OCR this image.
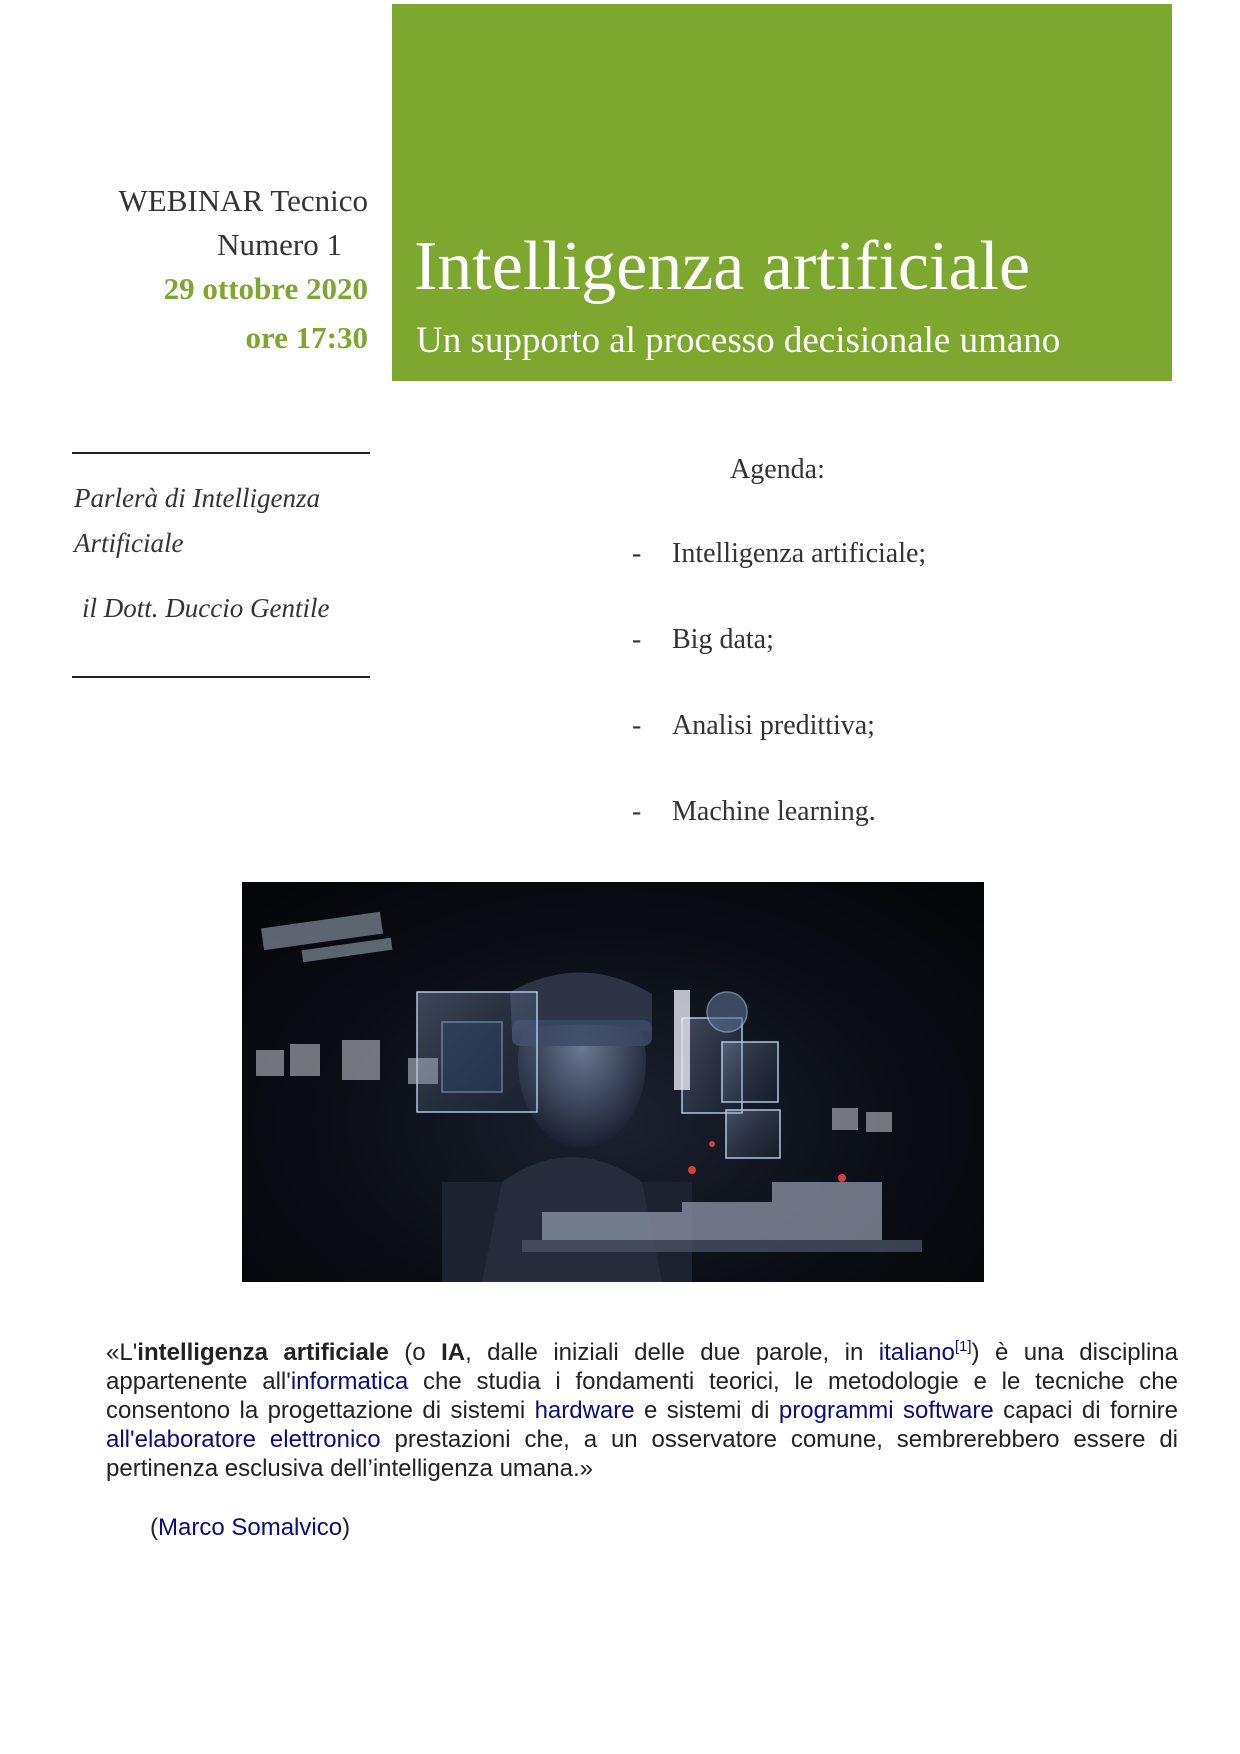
Intelligenza artificiale
Un supporto al processo decisionale umano
WEBINAR Tecnico
Numero 1
29 ottobre 2020
ore 17:30
Parlerà di Intelligenza Artificiale
il Dott. Duccio Gentile
Agenda:
- Intelligenza artificiale;
- Big data;
- Analisi predittiva;
- Machine learning.

«L'intelligenza artificiale (o IA, dalle iniziali delle due parole, in italiano[1]) è una disciplina appartenente all'informatica che studia i fondamenti teorici, le metodologie e le tecniche che consentono la progettazione di sistemi hardware e sistemi di programmi software capaci di fornire all'elaboratore elettronico prestazioni che, a un osservatore comune, sembrerebbero essere di pertinenza esclusiva dell’intelligenza umana.»

(Marco Somalvico)
